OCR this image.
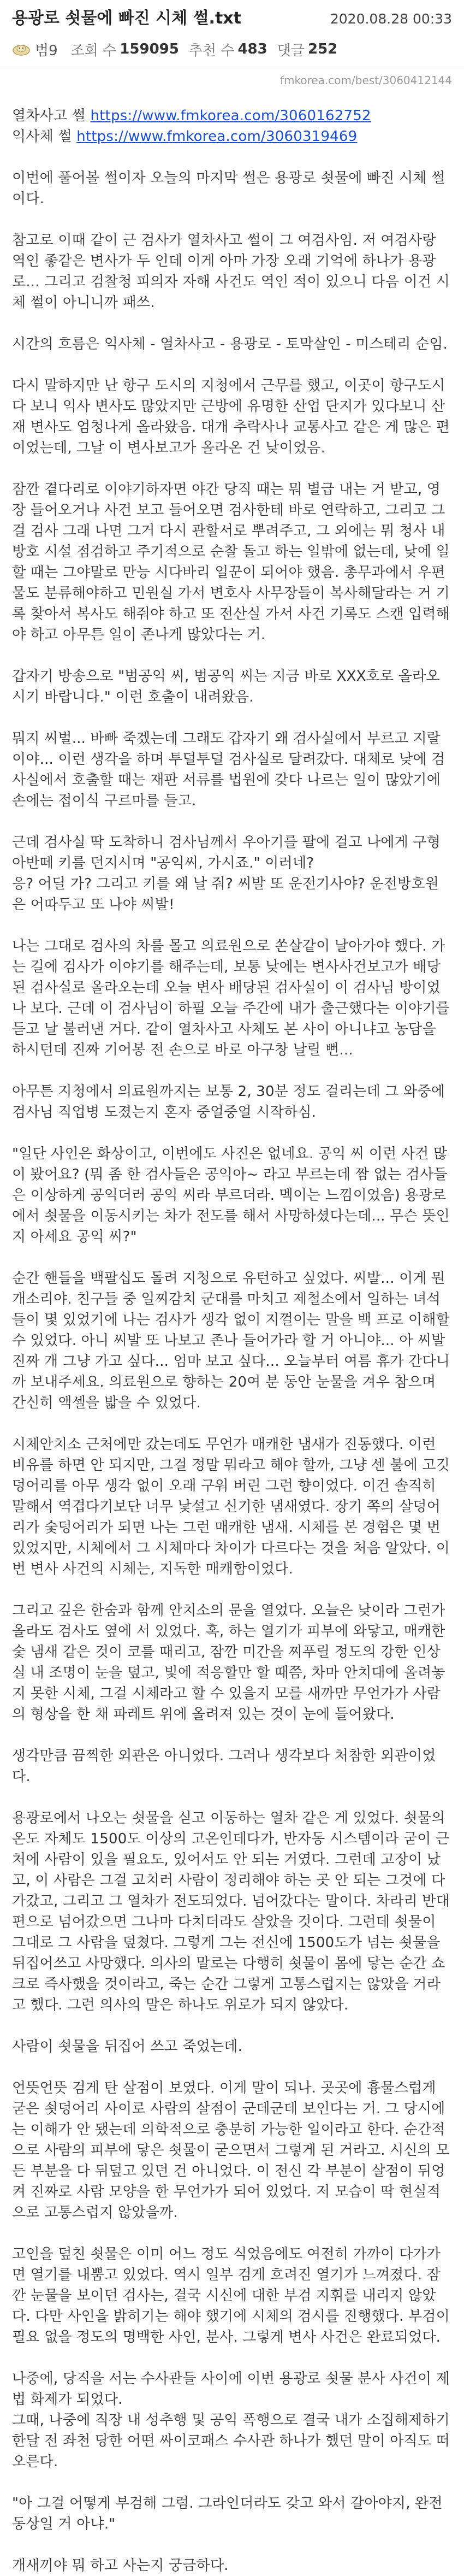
용광로 쇳물에 빠진 시체 썰.txt	2020.08.28 00:33
범9 조회 수 159095 추천 수 483 댓글 252
fmkorea.com/best/3060412144
열차사고 썰 https://www.fmkorea.com/3060162752
익사체 썰 https://www.fmkorea.com/3060319469

이번에 풀어볼 썰이자 오늘의 마지막 썰은 용광로 쇳물에 빠진 시체 썰이다.

참고로 이때 같이 근 검사가 열차사고 썰이 그 여검사임. 저 여검사랑 역인 좋같은 변사가 두 인데 이게 아마 가장 오래 기억에 하나가 용광로... 그리고 검찰청 피의자 자해 사건도 역인 적이 있으니 다음 이건 시체 썰이 아니니까 패쓰.

시간의 흐름은 익사체 - 열차사고 - 용광로 - 토막살인 - 미스테리 순임.

다시 말하지만 난 항구 도시의 지청에서 근무를 했고, 이곳이 항구도시다 보니 익사 변사도 많았지만 근방에 유명한 산업 단지가 있다보니 산재 변사도 엄청나게 올라왔음. 대개 추락사나 교통사고 같은 게 많은 편이었는데, 그날 이 변사보고가 올라온 건 낮이었음.

잠깐 곁다리로 이야기하자면 야간 당직 때는 뭐 별급 내는 거 받고, 영장 들어오거나 사건 보고 들어오면 검사한테 바로 연락하고, 그리고 그걸 검사 그래 나면 그거 다시 관할서로 뿌려주고, 그 외에는 뭐 청사 내 방호 시설 점검하고 주기적으로 순찰 돌고 하는 일밖에 없는데, 낮에 일할 때는 그야말로 만능 시다바리 일꾼이 되어야 했음. 총무과에서 우편물도 분류해야하고 민원실 가서 변호사 사무장들이 복사해달라는 거 기록 찾아서 복사도 해줘야 하고 또 전산실 가서 사건 기록도 스캔 입력해야 하고 아무튼 일이 존나게 많았다는 거.

갑자기 방송으로 "범공익 씨, 범공익 씨는 지금 바로 XXX호로 올라오시기 바랍니다." 이런 호출이 내려왔음.

뭐지 씨벌... 바빠 죽겠는데 그래도 갑자기 왜 검사실에서 부르고 지랄이야... 이런 생각을 하며 투덜투덜 검사실로 달려갔다. 대체로 낮에 검사실에서 호출할 때는 재판 서류를 법원에 갖다 나르는 일이 많았기에 손에는 접이식 구르마를 들고.

근데 검사실 딱 도착하니 검사님께서 우아기를 팔에 걸고 나에게 구형 아반떼 키를 던지시며 "공익씨, 가시죠." 이러네?
응? 어딜 가? 그리고 키를 왜 날 줘? 씨발 또 운전기사야? 운전방호원은 어따두고 또 나야 씨발!

나는 그대로 검사의 차를 몰고 의료원으로 쏜살같이 날아가야 했다. 가는 길에 검사가 이야기를 해주는데, 보통 낮에는 변사사건보고가 배당된 검사실로 올라오는데 오늘 변사 배당된 검사실이 이 검사님 방이었나 보다. 근데 이 검사님이 하필 오늘 주간에 내가 출근했다는 이야기를 듣고 날 불러낸 거다. 같이 열차사고 사체도 본 사이 아니냐고 농담을 하시던데 진짜 기어봉 전 손으로 바로 아구창 날릴 뻔...

아무튼 지청에서 의료원까지는 보통 2, 30분 정도 걸리는데 그 와중에 검사님 직업병 도졌는지 혼자 중얼중얼 시작하심.

"일단 사인은 화상이고, 이번에도 사진은 없네요. 공익 씨 이런 사건 많이 봤어요? (뭐 좀 한 검사들은 공익아~ 라고 부르는데 짬 없는 검사들은 이상하게 공익더러 공익 씨라 부르더라. 멕이는 느낌이었음) 용광로에서 쇳물을 이동시키는 차가 전도를 해서 사망하셨다는데... 무슨 뜻인지 아세요 공익 씨?"

순간 핸들을 백팔십도 돌려 지청으로 유턴하고 싶었다. 씨발... 이게 뭔 개소리야. 친구들 중 일찌감치 군대를 마치고 제철소에서 일하는 녀석들이 몇 있었기에 나는 검사가 생각 없이 지껄이는 말을 백 프로 이해할 수 있었다. 아니 씨발 또 나보고 존나 들어가라 할 거 아니야... 아 씨발 진짜 개 그냥 가고 싶다... 엄마 보고 싶다... 오늘부터 여름 휴가 간다니까 보내주세요. 의료원으로 향하는 20여 분 동안 눈물을 겨우 참으며 간신히 액셀을 밟을 수 있었다.

시체안치소 근처에만 갔는데도 무언가 매캐한 냄새가 진동했다. 이런 비유를 하면 안 되지만, 그걸 정말 뭐라고 해야 할까, 그냥 센 불에 고깃덩어리를 아무 생각 없이 오래 구워 버린 그런 향이었다. 이건 솔직히 말해서 역겹다기보단 너무 낯설고 신기한 냄새였다. 장기 쪽의 살덩어리가 숯덩어리가 되면 나는 그런 매캐한 냄새. 시체를 본 경험은 몇 번 있었지만, 시체에서 그 시체마다 차이가 다르다는 것을 처음 알았다. 이번 변사 사건의 시체는, 지독한 매캐함이었다.

그리고 깊은 한숨과 함께 안치소의 문을 열었다. 오늘은 낮이라 그런가 올라도 검사도 옆에 서 있었다. 혹, 하는 열기가 피부에 와닿고, 매캐한 숯 냄새 같은 것이 코를 때리고, 잠깐 미간을 찌푸릴 정도의 강한 인상 실 내 조명이 눈을 덮고, 빛에 적응할만 할 때쯤, 차마 안치대에 올려놓지 못한 시체, 그걸 시체라고 할 수 있을지 모를 새까만 무언가가 사람의 형상을 한 채 파레트 위에 올려져 있는 것이 눈에 들어왔다.

생각만큼 끔찍한 외관은 아니었다. 그러나 생각보다 처참한 외관이었다.

용광로에서 나오는 쇳물을 싣고 이동하는 열차 같은 게 있었다. 쇳물의 온도 자체도 1500도 이상의 고온인데다가, 반자동 시스템이라 굳이 근처에 사람이 있을 필요도, 있어서도 안 되는 거였다. 그런데 고장이 났고, 이 사람은 그걸 고치러 사람이 정리해야 하는 곳 안 되는 그것에 다가갔고, 그리고 그 열차가 전도되었다. 넘어갔다는 말이다. 차라리 반대편으로 넘어갔으면 그나마 다치더라도 살았을 것이다. 그런데 쇳물이 그대로 그 사람을 덮쳤다. 그렇게 그는 전신에 1500도가 넘는 쇳물을 뒤집어쓰고 사망했다. 의사의 말로는 다행히 쇳물이 몸에 닿는 순간 쇼크로 즉사했을 것이라고, 죽는 순간 그렇게 고통스럽지는 않았을 거라고 했다. 그런 의사의 말은 하나도 위로가 되지 않았다.

사람이 쇳물을 뒤집어 쓰고 죽었는데.

언뜻언뜻 검게 탄 살점이 보였다. 이게 말이 되나. 곳곳에 흉물스럽게 굳은 쇳덩어리 사이로 사람의 살점이 군데군데 보인다는 거. 그 당시에는 이해가 안 됐는데 의학적으로 충분히 가능한 일이라고 한다. 순간적으로 사람의 피부에 닿은 쇳물이 굳으면서 그렇게 된 거라고. 시신의 모든 부분을 다 뒤덮고 있던 건 아니었다. 이 전신 각 부분이 살점이 뒤엉켜 진짜로 사람 모양을 한 무언가가 되어 있었다. 저 모습이 딱 현실적으로 고통스럽지 않았을까.

고인을 덮친 쇳물은 이미 어느 정도 식었음에도 여전히 가까이 다가가면 열기를 내뿜고 있었다. 역시 일부 검게 흐려진 열기가 느껴졌다. 잠깐 눈물을 보이던 검사는, 결국 시신에 대한 부검 지휘를 내리지 않았다. 다만 사인을 밝히기는 해야 했기에 시체의 검시를 진행했다. 부검이 필요 없을 정도의 명백한 사인, 분사. 그렇게 변사 사건은 완료되었다.

나중에, 당직을 서는 수사관들 사이에 이번 용광로 쇳물 분사 사건이 제법 화제가 되었다.
그때, 나중에 직장 내 성추행 및 공익 폭행으로 결국 내가 소집해제하기 한달 전 좌천 당한 어떤 싸이코패스 수사관 하나가 했던 말이 아직도 떠오른다.

"아 그걸 어떻게 부검해 그럼. 그라인더라도 갖고 와서 갈아야지, 완전 동상일 거 아냐."

개새끼야 뭐 하고 사는지 궁금하다.
